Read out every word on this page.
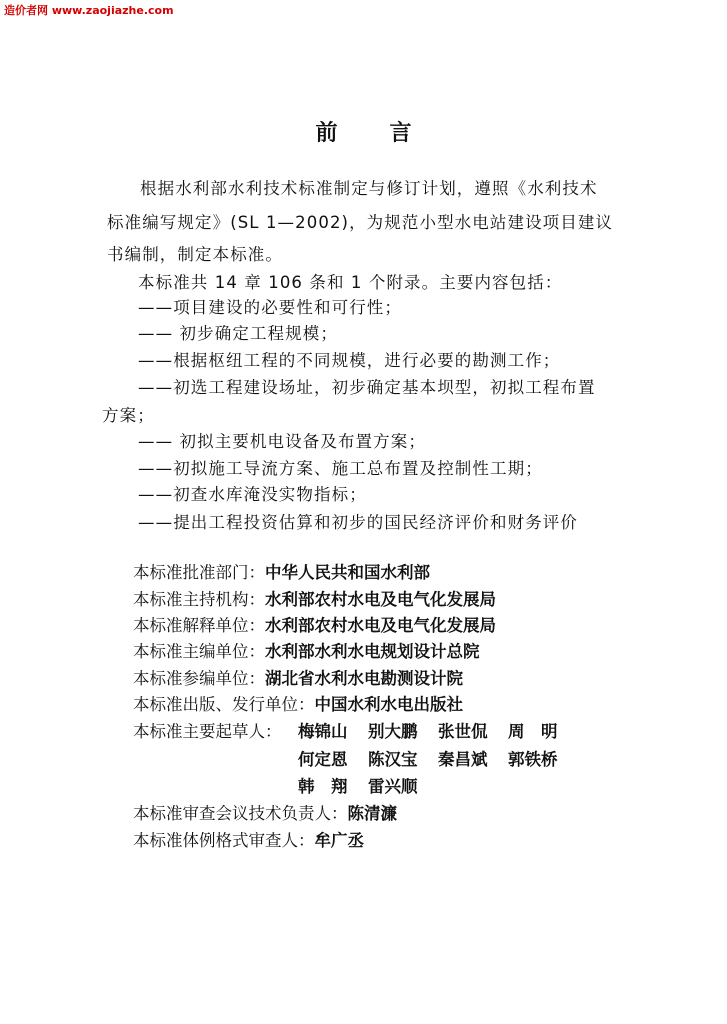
造价者网 www.zaojiazhe.com
前 言
根据水利部水利技术标准制定与修订计划，遵照《水利技术
标准编写规定》(SL 1—2002)，为规范小型水电站建设项目建议
书编制，制定本标准。
本标准共 14 章 106 条和 1 个附录。主要内容包括：
——项目建设的必要性和可行性；
—— 初步确定工程规模；
——根据枢纽工程的不同规模，进行必要的勘测工作；
——初选工程建设场址，初步确定基本坝型，初拟工程布置
方案；
—— 初拟主要机电设备及布置方案；
——初拟施工导流方案、施工总布置及控制性工期；
——初查水库淹没实物指标；
——提出工程投资估算和初步的国民经济评价和财务评价
本标准批准部门：中华人民共和国水利部
本标准主持机构：水利部农村水电及电气化发展局
本标准解释单位：水利部农村水电及电气化发展局
本标准主编单位：水利部水利水电规划设计总院
本标准参编单位：湖北省水利水电勘测设计院
本标准出版、发行单位：中国水利水电出版社
本标准主要起草人： 梅锦山 别大鹏 张世侃 周　明
何定恩 陈汉宝 秦昌斌 郭铁桥
韩　翔 雷兴顺
本标准审查会议技术负责人：陈清濂
本标准体例格式审查人：牟广丞
